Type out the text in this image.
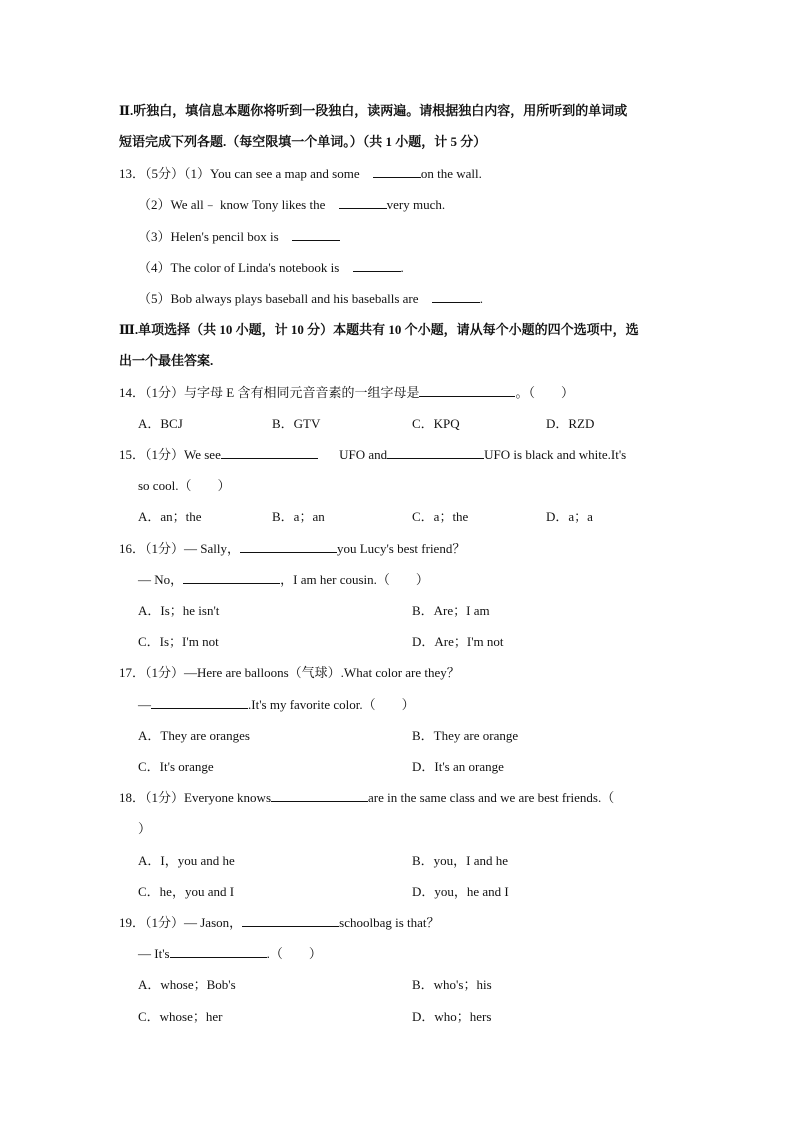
Ⅱ.听独白，填信息本题你将听到一段独白，读两遍。请根据独白内容，用所听到的单词或
短语完成下列各题.（每空限填一个单词。）（共 1 小题，计 5 分）
13．（5分）（1）You can see a map and some	on the wall.
（2）We all﹣ know Tony likes the	very much.
（3）Helen's pencil box is
（4）The color of Linda's notebook is	.
（5）Bob always plays baseball and his baseballs are	.
Ⅲ.单项选择（共 10 小题，计 10 分）本题共有 10 个小题，请从每个小题的四个选项中，选
出一个最佳答案.
14．（1分）与字母 E 含有相同元音音素的一组字母是	。（　　）
A．BCJ	B．GTV	C．KPQ	D．RZD
15．（1分）We see	UFO and	UFO is black and white.It's
so cool.（　　）
A．an；the	B．a；an	C．a；the	D．a；a
16．（1分）— Sally，	you Lucy's best friend？
— No，	，I am her cousin.（　　）
A．Is；he isn't	B．Are；I am
C．Is；I'm not	D．Are；I'm not
17．（1分）—Here are balloons（气球）.What color are they？
—	.It's my favorite color.（　　）
A．They are oranges	B．They are orange
C．It's orange	D．It's an orange
18．（1分）Everyone knows	are in the same class and we are best friends.（
）
A．I，you and he	B．you，I and he
C．he，you and I	D．you，he and I
19．（1分）— Jason，	schoolbag is that？
— It's	.（　　）
A．whose；Bob's	B．who's；his
C．whose；her	D．who；hers
